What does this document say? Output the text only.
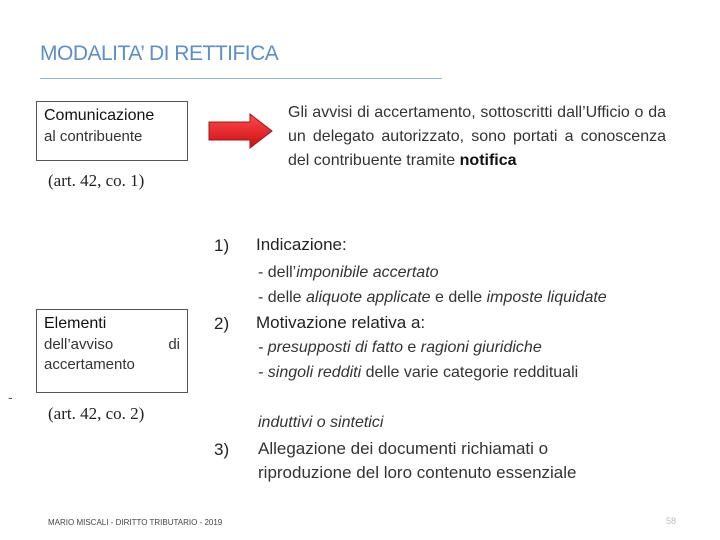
MODALITA’ DI RETTIFICA
Comunicazione
al contribuente
(art. 42, co. 1)
Gli avvisi di accertamento, sottoscritti dall’Ufficio o da un delegato autorizzato, sono portati a conoscenza del contribuente tramite notifica
Elementi
dell’avviso di
accertamento
(art. 42, co. 2)
-
1) Indicazione:
- dell’imponibile accertato
- delle aliquote applicate e delle imposte liquidate
2) Motivazione relativa a:
- presupposti di fatto e ragioni giuridiche
- singoli redditi delle varie categorie reddituali
induttivi o sintetici
3) Allegazione dei documenti richiamati o
riproduzione del loro contenuto essenziale
MARIO MISCALI - DIRITTO TRIBUTARIO - 2019	58
